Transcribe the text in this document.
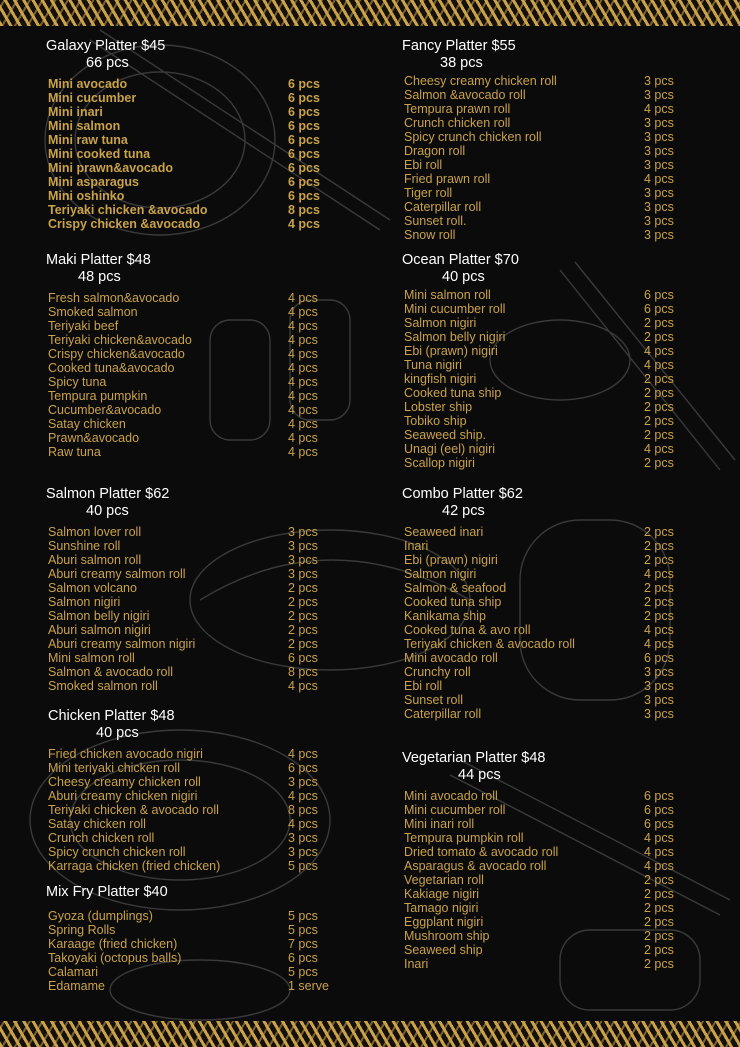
Galaxy Platter $45
66 pcs
Mini avocado	6 pcs
Mini cucumber	6 pcs
Mini inari	6 pcs
Mini salmon	6 pcs
Mini raw tuna	6 pcs
Mini cooked tuna	6 pcs
Mini prawn&avocado	6 pcs
Mini asparagus	6 pcs
Mini oshinko	6 pcs
Teriyaki chicken &avocado	8 pcs
Crispy chicken &avocado	4 pcs
Maki Platter $48
48 pcs
Fresh salmon&avocado	4 pcs
Smoked salmon	4 pcs
Teriyaki beef	4 pcs
Teriyaki chicken&avocado	4 pcs
Crispy chicken&avocado	4 pcs
Cooked tuna&avocado	4 pcs
Spicy tuna	4 pcs
Tempura pumpkin	4 pcs
Cucumber&avocado	4 pcs
Satay chicken	4 pcs
Prawn&avocado	4 pcs
Raw tuna	4 pcs
Salmon Platter $62
40 pcs
Salmon lover roll	3 pcs
Sunshine roll	3 pcs
Aburi salmon roll	3 pcs
Aburi creamy salmon roll	3 pcs
Salmon volcano	2 pcs
Salmon nigiri	2 pcs
Salmon belly nigiri	2 pcs
Aburi salmon nigiri	2 pcs
Aburi creamy salmon nigiri	2 pcs
Mini salmon roll	6 pcs
Salmon & avocado roll	8 pcs
Smoked salmon roll	4 pcs
Chicken Platter $48
40 pcs
Fried chicken avocado nigiri	4 pcs
Mini teriyaki chicken roll	6 pcs
Cheesy creamy chicken roll	3 pcs
Aburi creamy chicken nigiri	4 pcs
Teriyaki chicken & avocado roll	8 pcs
Satay chicken roll	4 pcs
Crunch chicken roll	3 pcs
Spicy crunch chicken roll	3 pcs
Karraga chicken (fried chicken)	5 pcs
Mix Fry Platter $40
Gyoza (dumplings)	5 pcs
Spring Rolls	5 pcs
Karaage (fried chicken)	7 pcs
Takoyaki (octopus balls)	6 pcs
Calamari	5 pcs
Edamame	1 serve
Fancy Platter $55
38 pcs
Cheesy creamy chicken roll	3 pcs
Salmon &avocado roll	3 pcs
Tempura prawn roll	4 pcs
Crunch chicken roll	3 pcs
Spicy crunch chicken roll	3 pcs
Dragon roll	3 pcs
Ebi roll	3 pcs
Fried prawn roll	4 pcs
Tiger roll	3 pcs
Caterpillar roll	3 pcs
Sunset roll.	3 pcs
Snow roll	3 pcs
Ocean Platter $70
40 pcs
Mini salmon roll	6 pcs
Mini cucumber roll	6 pcs
Salmon nigiri	2 pcs
Salmon belly nigiri	2 pcs
Ebi (prawn) nigiri	4 pcs
Tuna nigiri	4 pcs
kingfish nigiri	2 pcs
Cooked tuna ship	2 pcs
Lobster ship	2 pcs
Tobiko ship	2 pcs
Seaweed ship.	2 pcs
Unagi (eel) nigiri	4 pcs
Scallop nigiri	2 pcs
Combo Platter $62
42 pcs
Seaweed inari	2 pcs
Inari	2 pcs
Ebi (prawn) nigiri	2 pcs
Salmon nigiri	4 pcs
Salmon & seafood	2 pcs
Cooked tuna ship	2 pcs
Kanikama ship	2 pcs
Cooked tuna & avo roll	4 pcs
Teriyaki chicken & avocado roll	4 pcs
Mini avocado roll	6 pcs
Crunchy roll	3 pcs
Ebi roll	3 pcs
Sunset roll	3 pcs
Caterpillar roll	3 pcs
Vegetarian Platter $48
44 pcs
Mini avocado roll	6 pcs
Mini cucumber roll	6 pcs
Mini inari roll	6 pcs
Tempura pumpkin roll	4 pcs
Dried tomato & avocado roll	4 pcs
Asparagus & avocado roll	4 pcs
Vegetarian roll	2 pcs
Kakiage nigiri	2 pcs
Tamago nigiri	2 pcs
Eggplant nigiri	2 pcs
Mushroom ship	2 pcs
Seaweed ship	2 pcs
Inari	2 pcs
